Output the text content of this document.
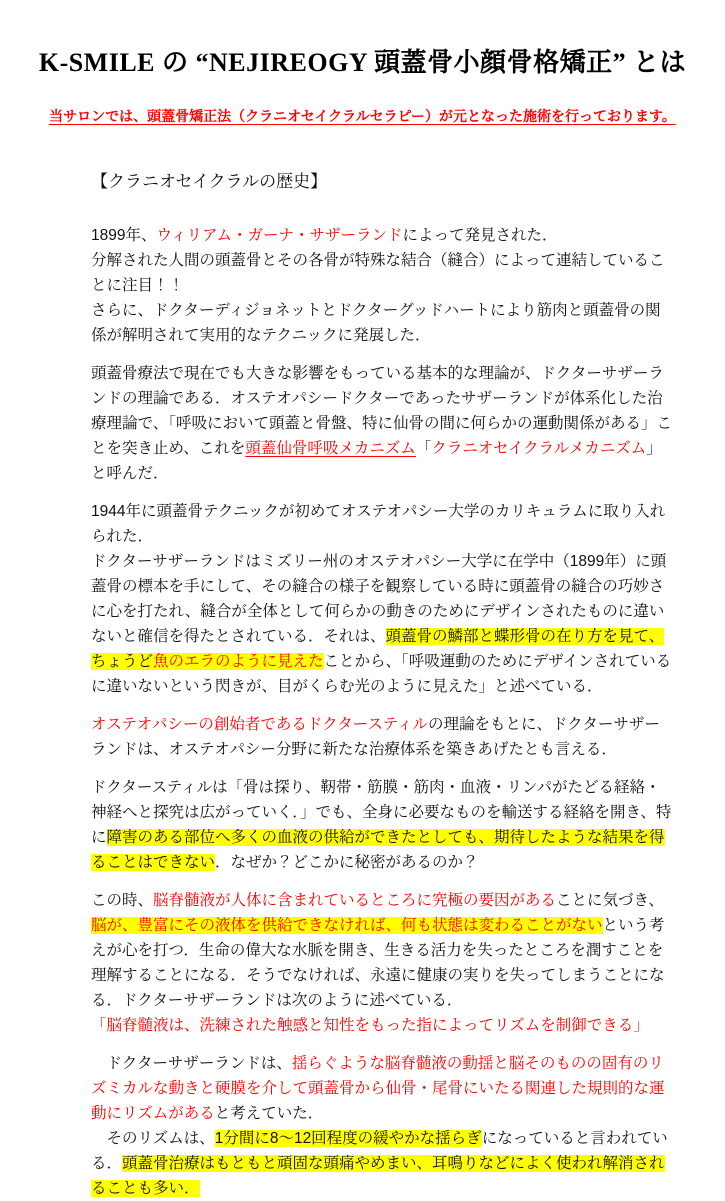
K-SMILE の “NEJIREOGY 頭蓋骨小顔骨格矯正” とは
当サロンでは、頭蓋骨矯正法（クラニオセイクラルセラピー）が元となった施術を行っております。
【クラニオセイクラルの歴史】
1899年、ウィリアム・ガーナ・サザーランドによって発見された．
分解された人間の頭蓋骨とその各骨が特殊な結合（縫合）によって連結していることに注目！！
さらに、ドクターディジョネットとドクターグッドハートにより筋肉と頭蓋骨の関係が解明されて実用的なテクニックに発展した．
頭蓋骨療法で現在でも大きな影響をもっている基本的な理論が、ドクターサザーランドの理論である．オステオパシードクターであったサザーランドが体系化した治療理論で、「呼吸において頭蓋と骨盤、特に仙骨の間に何らかの運動関係がある」ことを突き止め、これを頭蓋仙骨呼吸メカニズム「クラニオセイクラルメカニズム」と呼んだ．
1944年に頭蓋骨テクニックが初めてオステオパシー大学のカリキュラムに取り入れられた．
ドクターサザーランドはミズリー州のオステオパシー大学に在学中（1899年）に頭蓋骨の標本を手にして、その縫合の様子を観察している時に頭蓋骨の縫合の巧妙さに心を打たれ、縫合が全体として何らかの動きのためにデザインされたものに違いないと確信を得たとされている．それは、頭蓋骨の鱗部と蝶形骨の在り方を見て、ちょうど魚のエラのように見えたことから、「呼吸運動のためにデザインされているに違いないという閃きが、目がくらむ光のように見えた」と述べている．
オステオパシーの創始者であるドクタースティルの理論をもとに、ドクターサザーランドは、オステオパシー分野に新たな治療体系を築きあげたとも言える．
ドクタースティルは「骨は探り、靭帯・筋膜・筋肉・血液・リンパがたどる経絡・神経へと探究は広がっていく．」でも、全身に必要なものを輸送する経絡を開き、特に障害のある部位へ多くの血液の供給ができたとしても、期待したような結果を得ることはできない．なぜか？どこかに秘密があるのか？
この時、脳脊髄液が人体に含まれているところに究極の要因があることに気づき、脳が、豊富にその液体を供給できなければ、何も状態は変わることがないという考えが心を打つ．生命の偉大な水脈を開き、生きる活力を失ったところを潤すことを理解することになる．そうでなければ、永遠に健康の実りを失ってしまうことになる．ドクターサザーランドは次のように述べている．
「脳脊髄液は、洗練された触感と知性をもった指によってリズムを制御できる」
　ドクターサザーランドは、揺らぐような脳脊髄液の動揺と脳そのものの固有のリズミカルな動きと硬膜を介して頭蓋骨から仙骨・尾骨にいたる関連した規則的な運動にリズムがあると考えていた．
　そのリズムは、1分間に8～12回程度の緩やかな揺らぎになっていると言われている．頭蓋骨治療はもともと頑固な頭痛やめまい、耳鳴りなどによく使われ解消されることも多い．
